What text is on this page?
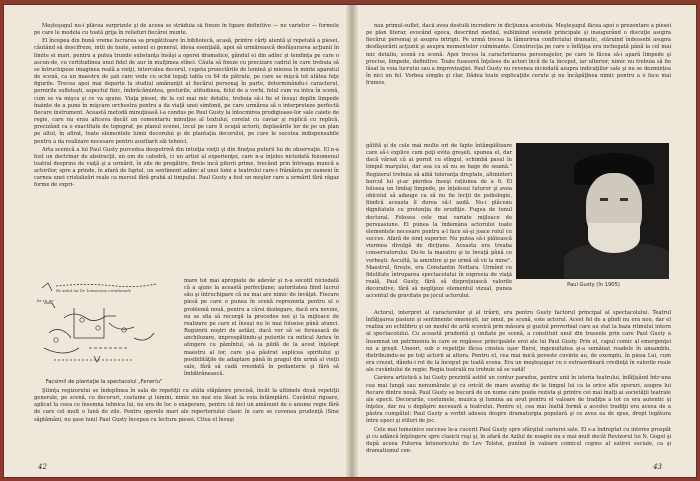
Meşteşugul nu-i plăcea surprizele şi de aceea se străduia să fixeze în tipare definitive — ne varietur — formele pe care le modela cu toată grija în reliefuri fiecărei munte.

El începea din bună vreme lucrarea sa pregătitoare în bibliotecă, acasă, printre cărţi atentă şi repetată a piesei, căutând să descifreze, intii de toate, sensul ei general, ideea esenţială, apoi să urmărească desfăşurarea acţiunii în limite ei mari, pentru a putea trunde substanţa însăşi a operei dramatice, gândul ei din adînc şi tendinţa pe care o ascun-de, cu certitudinea unui fidel de aur în mulţimea stînci. Căuta să fixeze cu precizare cadrul în care trebuia să se întruchipeze imaginea reală a vieţii, intercalea decorul, cugeta proiectările de lumină şi miezea în minte aparatul de scenă, ca un maestru de şah care vede cu ochii legaţi tabla cu 64 de pătrate, pe care se mişcă tot atâtea feţe figurile. Trecea apoi mai departe la studiul amănunţit al fiecărui personaj în parte, determinându-i caracterul, pornirile sufleteşti, aspectul fizic, îmbrăcămintea, gesturile, atitudinea, felul de a vorbi, felul cum va intra în scenă, cum se va mişca şi ce va spune. Viaţa piesei, de la cel mai mic detaliu, trebuia să-i fie el însuşi deplin limpede înainte de a pune în mişcare orchestra pentru a da viaţă unei simfonii, pe care urmărea să o interpreteze perfectă fiecare instrument. Această metodă minuţioasă l-a condus pe Paul Gusty la întocmirea prodigioase-lor sale caiete de regie, care nu erau altceva decât un comentariu minuţios al textului, corelat cu caviar şi replică cu replică, precizând ca o exactitate de topograf, pe planul scenei, locul pe care îl ocupă actorii, deplasările lor de pe un plan pe altul, în afirat, toate elementele lumii decorului şi de plantaţia decorului, pe care le socotea indispensabile pentru a da realizare necesare pentru auxiliarii săi tehnici.

Arta scenică a lui Paul Gusty purcedea deopotrivă din intuiţia vieţii şi din fineţea puterii lui de observaţie. El n-a fost un doctrinar de abstracţii, un om de catedră, ci un artist al experienţei, care n-a înţeles niciodată fenomenul teatral desprins de viaţă şi a urmărit, în zile de pregătire, firele incă pitorii prime, trecând prin întreaga muncă a actorilor, spre a prinde, în afară de faptul, un sentiment adânc al unei lumi a teatrului care-i frământa pe oameni în carnea unei cristalizări reale ca mersul fără grabă al timpului. Paul Gusty a fost un meşter care a urmărit fără răgaz forme de expri-

Pe sotul lui Dr. lonsaceva creationele
lis ru pe
Facsimil de plantaţie la spectacolul „Fenerlu"

mare tot mai apropiate de adevăr şi n-a socotit niciodată că a ajuns la această perfecţiune; autoritatea fiind lucrul său şi întruchipare că nu mai are nimic de învăţat. Fiecare piesă pe care o punea în scenă reprezenta pentru el o problemă nouă, pentru a cărei dezlegare, dacă era nevoie, nu se sfia să recurgă la procedee noi şi la mijloace de realizare pe care el însuşi nu le mai folosise până atunci. Regizorii noştri de astăzi, dacă vor să se fereasacă de anchilozare, improspătindu-şi puterile ca mitical Anteu în atingere cu pămîntul, să ia pildă de la acest înţelept maestru al lor, care şi-a păstrat suplicea spiritului şi posibilităţile de adaptare până în pragul din urmă al vieţii sale, fără să cadă vreodată în pedanterie şi fără să îmbătrânească.

Ştiinţa regizorului se îndeplinea în sala de repetiţii cu atâta stăpânire precisă, încât la ultimele două repetiţii generale, pe scenă, cu decoruri, costume şi lumini, nimic nu mai era lăsat la voia întâmplării. Cuvântul rigoare, aplicat la ceea ce însemna tehnica lui, nu era de loc o exagerare, pentru că nici un amănunt de o anume regie fără de care cel mult o lună de zile. Pentru operele mari ale repertoriului clasic în care se cuvenea prudenţă (Sine săptămâni, nu şase luni) Paul Gusty începea cu lectura piesei. Citea el însuşi

42

nau primul-suflet, dacă avea destulă încredere în dicţiunea acestuia. Meşteşugul făcea apoi o prezentare a piesei pe plan literar, evocând epoca, descriind mediul, subliniind scenele principale şi inaugurând o discuţie asupra fiecărui personaj şi asupra intrigii. Pe urmă trecea la lămurirea conflictului dramatic, stăruind îndeosebi asupra desfăşurării acţiunii şi asupra momentelor culminante. Construcţia pe care o înfăţişa era inchegată până la cel mai mic detaliu, scenă cu scenă. Apoi trecea la caracterizarea personajelor, pe care le făcea să-i apară limpede şi precise, limpede, definitive. Toate fuseseră înţelese de actori încă de la început, iar ulterior, nimic nu trebuia să fie lăsat la voia lucrului sau a improvizaţiei. Paul Gusty nu revenea niciodată asupra indicaţiilor sale şi nu se dezmințea în nici un fel. Vorbea simplu şi clar. Dădea toate explicaţiile cerute şi nu încăpăţînea nimic pentru a o face mai frumos.

gătită şi de cele mai multe ori de fapte întâmplătoare care să-i explice cum poţi evita greşeli, spunea el, dar dacă vărsat că ai pornit cu stîngul, schimbă pasul în timpul marşului, dar asa ca să nu se bage de seamă." Regizorul trebuia să aibă toleranţa dreptate, altminteri barcul lui şi-ar pierdea înseşi rațiunea de a fi. El folosea un limbaj limpede, pe înţelesul tuturor şi avea obiceiul să adauge ca să nu fie lecţii de psihologie, fiindcă aceasta îl durea să-l audă. Nu-i plăceau dignitatule cu pretenţia de erudiţie. Fugea de tonul doctoral. Folosea cele mai variate mijloace de persuasiune. El punea la îndemâna actorului toate elementele necesare pentru a-l face să-şi joace rolul cu succes. Afară de simţ superior. Nu putea să-i plătească viermea divulgă de dicţiune. Aceasta era treaba conservatorului. Du-te la maestru şi te învaţă până ce vorbeşti. Ascultă, la amintire şi pe urmă să vii la mine". Maestrul, fireşte, era Constantin Nottara. Urmînd cu fidelitate întruparea spectacolului în expresia de viaţă reală, Paul Gusty, fără să dispreţuiască valorile decorative, fără să neglijeze elementul vizual, punea accentul de gravitate pe jocul actorului.

Paul Gusty (în 1905)

Actorul, interpret al caracterelor şi al trăirii, era pentru Gusty factorul principal al spectacolului. Teatrul înfăţişarea pasiuni şi sentimente omeneşti, iar omul, pe scenă, este actorul. Acest fel de a gîndi nu era nou, dar el realiza un echilibru şi un model de artă scenică prin măsura şi gustul proverbial care au stat la baza ritmului intern al spectacolului. Cu această prudentă şi unitate pe scenă, a constituit unul din traseele prin care Paul Gusty a însemnat un patrimoniu în care se regăsesc principalele eroi ale lui Paul Gusty. Prin el, capul comic al emergenţei nu a greşit. Uneori, sub o repetiţie făcea cinstea uşor Bursi, ingenuitatea şi-a semănat roadele în ansamblu, distribuindu-se pe toţi actorii ai altora. Pentru el, cea mai mică poveste cuvinte au, de exemplu, în piesa Lui, cum era crezut, dându-i rol de la început pe toată scena. Era un meşteşugar cu o extraordinară credinţă în valorile reale ale cuvântului de regie: Regia teatrală nu trebuie să se vadă!

Cariera artistică a lui Gusty prezintă astfel un contur paradox, pentru unii în istoria teatrului, înfăţişând într-una cea mai lungă sau nenumărate şi cu oricât de mare avantaj de la timpul lui ca la orice alte sporuri, asupra lui fiecare dintre nouă. Paul Gusty se bucură de un nume care poate rezista şi printre cei mai înalţi ai societăţii teatrale ale epocii. Decorurile, costumele, muzica şi lumina au avut pentru el valoare de tradiţie a tot ce era autentic şi înţeles, dar nu o depăşire necesară a teatrului. Pentru el, cea mai înaltă formă a acestei tradiţii era aceea de a păstra cumpătul: Paul Gusty a vorbit adesea despre dramaturgia populară şi ce avea ea de spus, drept legătura între epoci şi stiluri de joc.

Cele mai temeinice succese le-a cucerit Paul Gusty spre sfârşitul carierei sale. El s-a îndreptat cu interes prospăt şi cu adâncă înţelegere spre clasicii ruşi şi, în afară de Azilul de noapte nu e mai mult decât Revizorul lui N. Gogol şi după aceea Puterea întunericului de Lev Tolstoi, punînd în valoare comicul copios al satirei sociale, ca şi dramatismul con-

43
